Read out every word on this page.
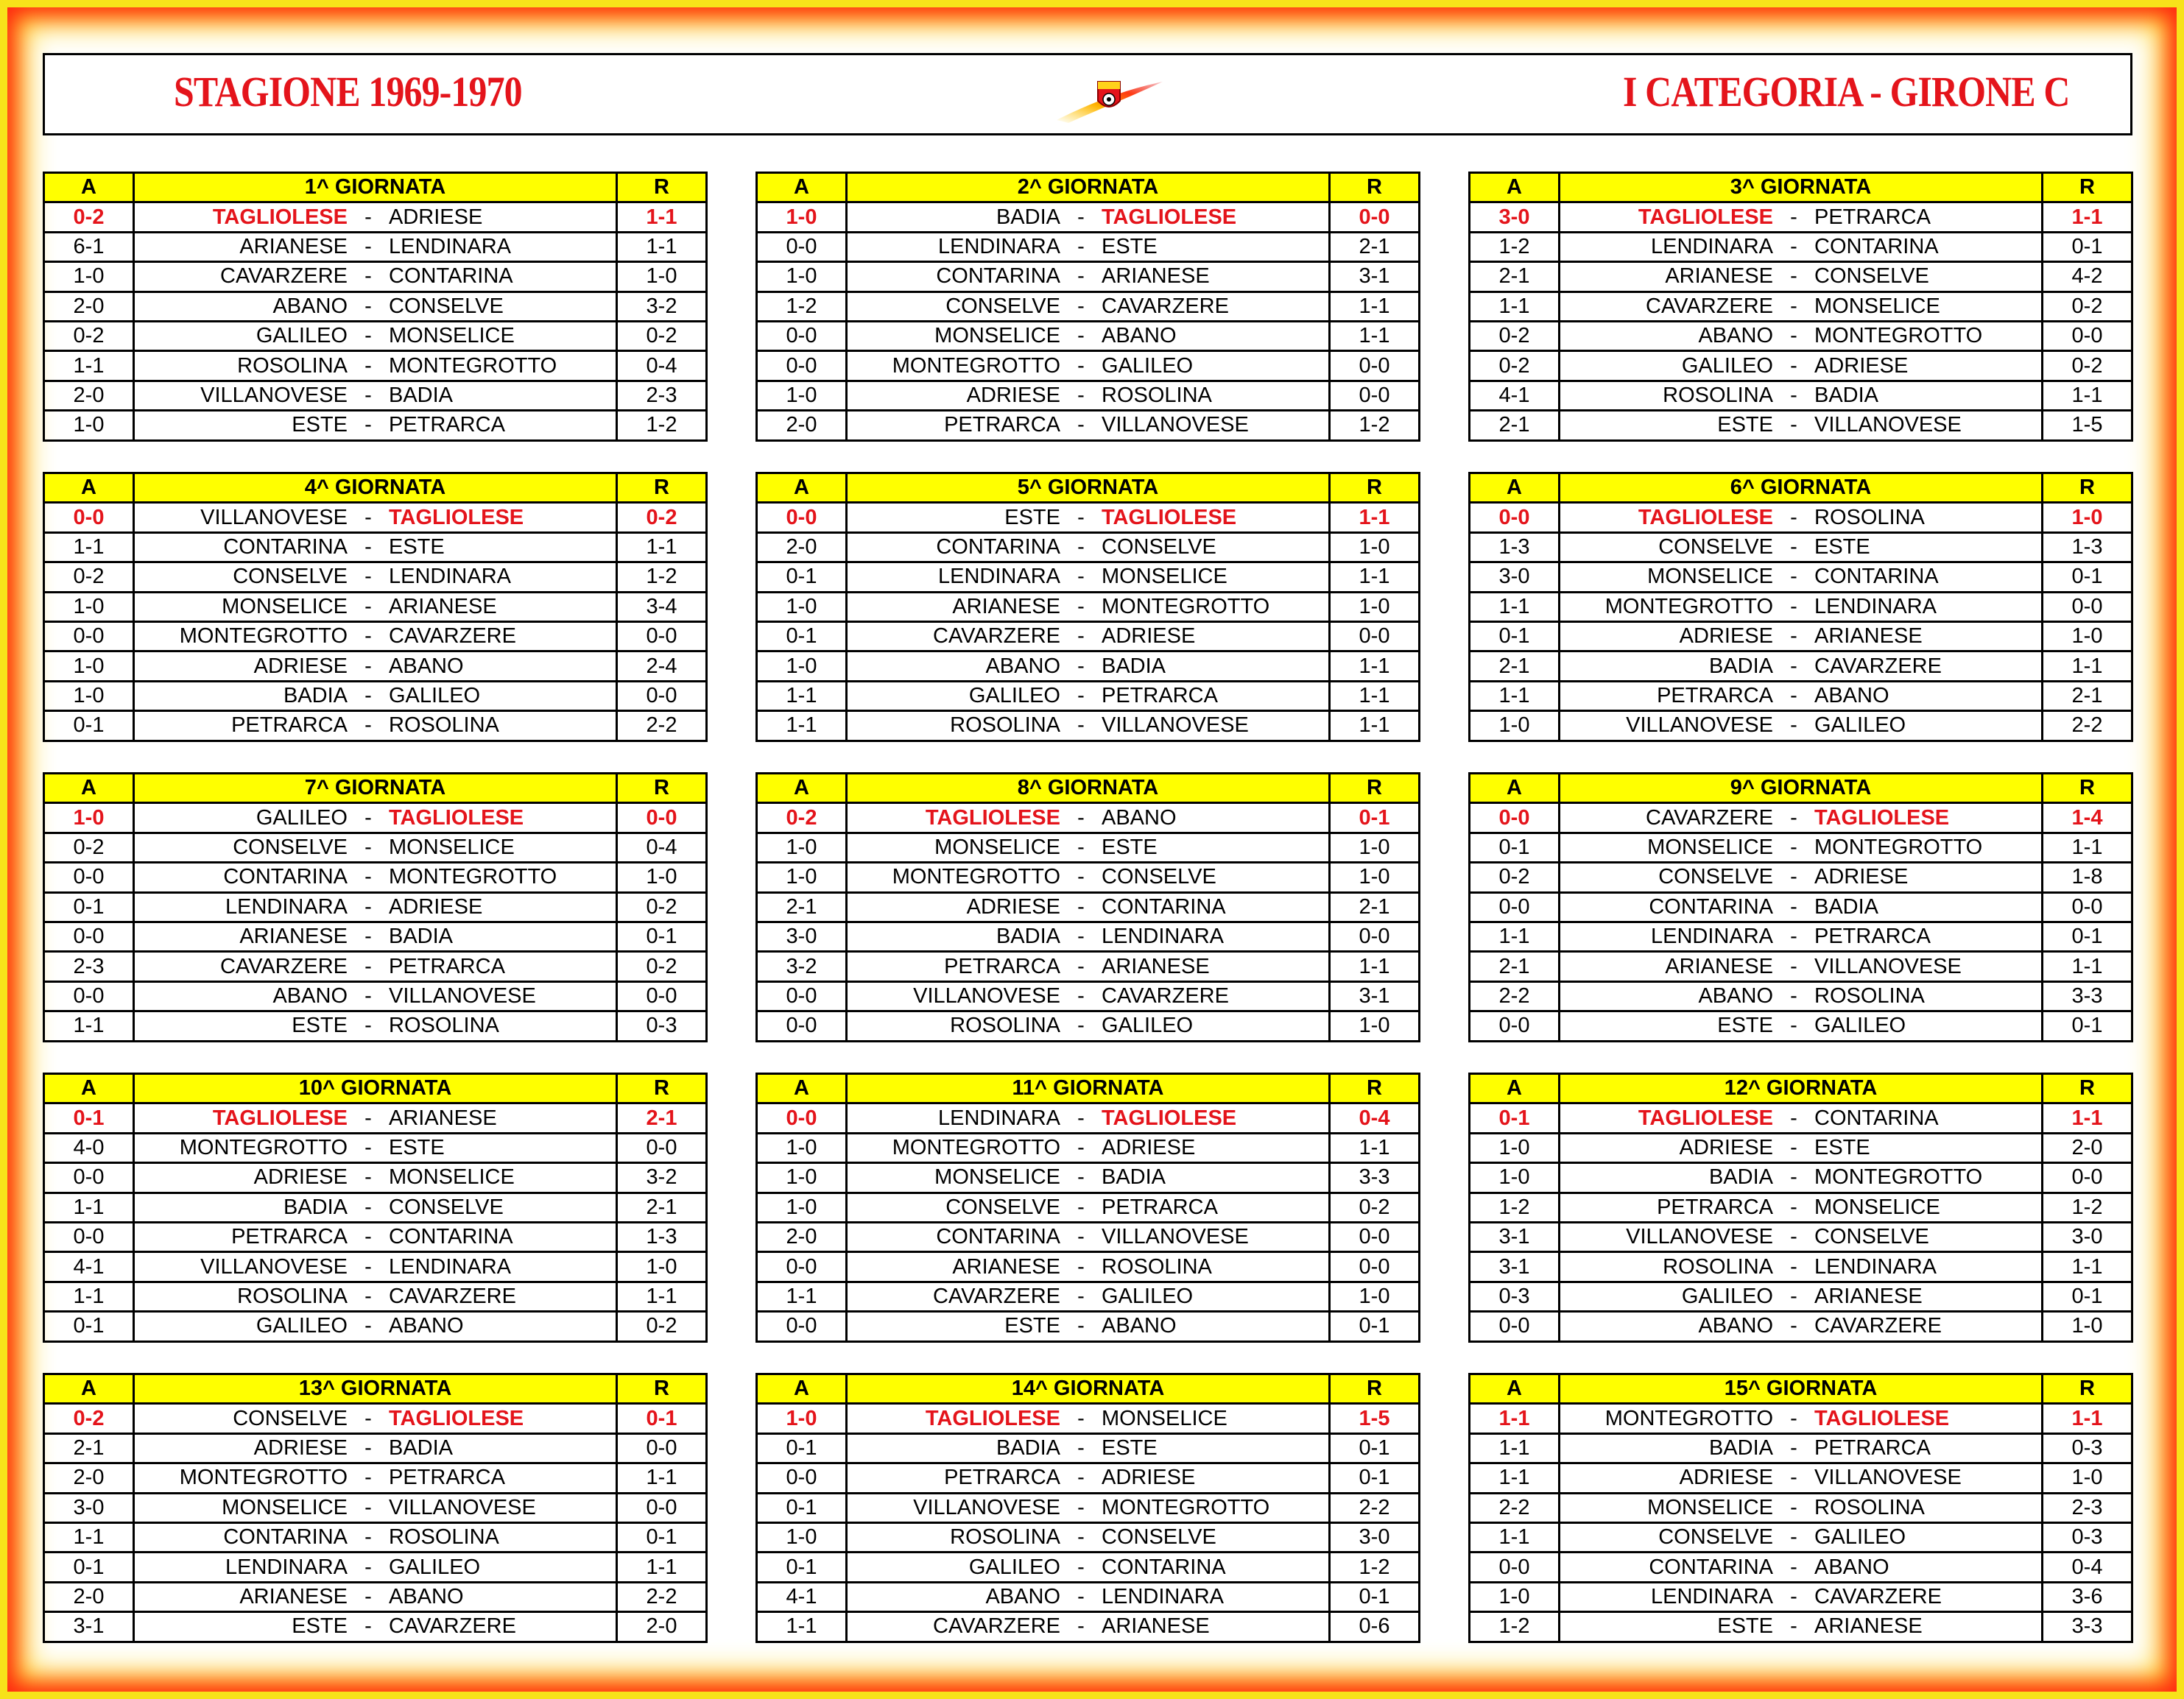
STAGIONE 1969-1970	I CATEGORIA - GIRONE C
A	1^ GIORNATA	R
0-2	TAGLIOLESE - ADRIESE	1-1
6-1	ARIANESE - LENDINARA	1-1
1-0	CAVARZERE - CONTARINA	1-0
2-0	ABANO - CONSELVE	3-2
0-2	GALILEO - MONSELICE	0-2
1-1	ROSOLINA - MONTEGROTTO	0-4
2-0	VILLANOVESE - BADIA	2-3
1-0	ESTE - PETRARCA	1-2
A	2^ GIORNATA	R
1-0	BADIA - TAGLIOLESE	0-0
0-0	LENDINARA - ESTE	2-1
1-0	CONTARINA - ARIANESE	3-1
1-2	CONSELVE - CAVARZERE	1-1
0-0	MONSELICE - ABANO	1-1
0-0	MONTEGROTTO - GALILEO	0-0
1-0	ADRIESE - ROSOLINA	0-0
2-0	PETRARCA - VILLANOVESE	1-2
A	3^ GIORNATA	R
3-0	TAGLIOLESE - PETRARCA	1-1
1-2	LENDINARA - CONTARINA	0-1
2-1	ARIANESE - CONSELVE	4-2
1-1	CAVARZERE - MONSELICE	0-2
0-2	ABANO - MONTEGROTTO	0-0
0-2	GALILEO - ADRIESE	0-2
4-1	ROSOLINA - BADIA	1-1
2-1	ESTE - VILLANOVESE	1-5
A	4^ GIORNATA	R
0-0	VILLANOVESE - TAGLIOLESE	0-2
1-1	CONTARINA - ESTE	1-1
0-2	CONSELVE - LENDINARA	1-2
1-0	MONSELICE - ARIANESE	3-4
0-0	MONTEGROTTO - CAVARZERE	0-0
1-0	ADRIESE - ABANO	2-4
1-0	BADIA - GALILEO	0-0
0-1	PETRARCA - ROSOLINA	2-2
A	5^ GIORNATA	R
0-0	ESTE - TAGLIOLESE	1-1
2-0	CONTARINA - CONSELVE	1-0
0-1	LENDINARA - MONSELICE	1-1
1-0	ARIANESE - MONTEGROTTO	1-0
0-1	CAVARZERE - ADRIESE	0-0
1-0	ABANO - BADIA	1-1
1-1	GALILEO - PETRARCA	1-1
1-1	ROSOLINA - VILLANOVESE	1-1
A	6^ GIORNATA	R
0-0	TAGLIOLESE - ROSOLINA	1-0
1-3	CONSELVE - ESTE	1-3
3-0	MONSELICE - CONTARINA	0-1
1-1	MONTEGROTTO - LENDINARA	0-0
0-1	ADRIESE - ARIANESE	1-0
2-1	BADIA - CAVARZERE	1-1
1-1	PETRARCA - ABANO	2-1
1-0	VILLANOVESE - GALILEO	2-2
A	7^ GIORNATA	R
1-0	GALILEO - TAGLIOLESE	0-0
0-2	CONSELVE - MONSELICE	0-4
0-0	CONTARINA - MONTEGROTTO	1-0
0-1	LENDINARA - ADRIESE	0-2
0-0	ARIANESE - BADIA	0-1
2-3	CAVARZERE - PETRARCA	0-2
0-0	ABANO - VILLANOVESE	0-0
1-1	ESTE - ROSOLINA	0-3
A	8^ GIORNATA	R
0-2	TAGLIOLESE - ABANO	0-1
1-0	MONSELICE - ESTE	1-0
1-0	MONTEGROTTO - CONSELVE	1-0
2-1	ADRIESE - CONTARINA	2-1
3-0	BADIA - LENDINARA	0-0
3-2	PETRARCA - ARIANESE	1-1
0-0	VILLANOVESE - CAVARZERE	3-1
0-0	ROSOLINA - GALILEO	1-0
A	9^ GIORNATA	R
0-0	CAVARZERE - TAGLIOLESE	1-4
0-1	MONSELICE - MONTEGROTTO	1-1
0-2	CONSELVE - ADRIESE	1-8
0-0	CONTARINA - BADIA	0-0
1-1	LENDINARA - PETRARCA	0-1
2-1	ARIANESE - VILLANOVESE	1-1
2-2	ABANO - ROSOLINA	3-3
0-0	ESTE - GALILEO	0-1
A	10^ GIORNATA	R
0-1	TAGLIOLESE - ARIANESE	2-1
4-0	MONTEGROTTO - ESTE	0-0
0-0	ADRIESE - MONSELICE	3-2
1-1	BADIA - CONSELVE	2-1
0-0	PETRARCA - CONTARINA	1-3
4-1	VILLANOVESE - LENDINARA	1-0
1-1	ROSOLINA - CAVARZERE	1-1
0-1	GALILEO - ABANO	0-2
A	11^ GIORNATA	R
0-0	LENDINARA - TAGLIOLESE	0-4
1-0	MONTEGROTTO - ADRIESE	1-1
1-0	MONSELICE - BADIA	3-3
1-0	CONSELVE - PETRARCA	0-2
2-0	CONTARINA - VILLANOVESE	0-0
0-0	ARIANESE - ROSOLINA	0-0
1-1	CAVARZERE - GALILEO	1-0
0-0	ESTE - ABANO	0-1
A	12^ GIORNATA	R
0-1	TAGLIOLESE - CONTARINA	1-1
1-0	ADRIESE - ESTE	2-0
1-0	BADIA - MONTEGROTTO	0-0
1-2	PETRARCA - MONSELICE	1-2
3-1	VILLANOVESE - CONSELVE	3-0
3-1	ROSOLINA - LENDINARA	1-1
0-3	GALILEO - ARIANESE	0-1
0-0	ABANO - CAVARZERE	1-0
A	13^ GIORNATA	R
0-2	CONSELVE - TAGLIOLESE	0-1
2-1	ADRIESE - BADIA	0-0
2-0	MONTEGROTTO - PETRARCA	1-1
3-0	MONSELICE - VILLANOVESE	0-0
1-1	CONTARINA - ROSOLINA	0-1
0-1	LENDINARA - GALILEO	1-1
2-0	ARIANESE - ABANO	2-2
3-1	ESTE - CAVARZERE	2-0
A	14^ GIORNATA	R
1-0	TAGLIOLESE - MONSELICE	1-5
0-1	BADIA - ESTE	0-1
0-0	PETRARCA - ADRIESE	0-1
0-1	VILLANOVESE - MONTEGROTTO	2-2
1-0	ROSOLINA - CONSELVE	3-0
0-1	GALILEO - CONTARINA	1-2
4-1	ABANO - LENDINARA	0-1
1-1	CAVARZERE - ARIANESE	0-6
A	15^ GIORNATA	R
1-1	MONTEGROTTO - TAGLIOLESE	1-1
1-1	BADIA - PETRARCA	0-3
1-1	ADRIESE - VILLANOVESE	1-0
2-2	MONSELICE - ROSOLINA	2-3
1-1	CONSELVE - GALILEO	0-3
0-0	CONTARINA - ABANO	0-4
1-0	LENDINARA - CAVARZERE	3-6
1-2	ESTE - ARIANESE	3-3
